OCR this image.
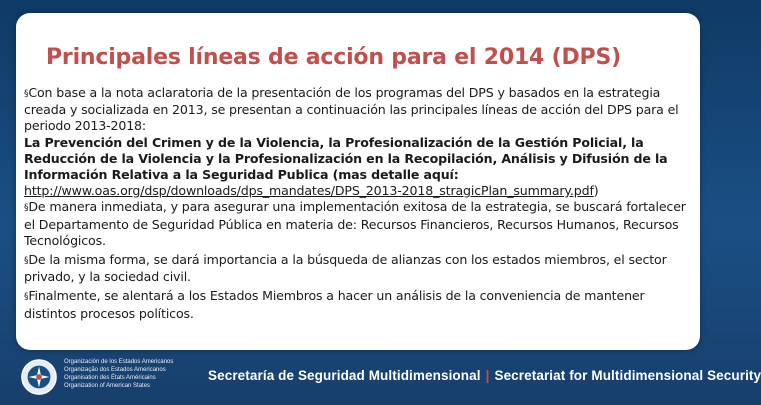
Principales líneas de acción para el 2014 (DPS)

§Con base a la nota aclaratoria de la presentación de los programas del DPS y basados en la estrategia creada y socializada en 2013, se presentan a continuación las principales líneas de acción del DPS para el periodo 2013-2018:
La Prevención del Crimen y de la Violencia, la Profesionalización de la Gestión Policial, la Reducción de la Violencia y la Profesionalización en la Recopilación, Análisis y Difusión de la Información Relativa a la Seguridad Publica (mas detalle aquí: http://www.oas.org/dsp/downloads/dps_mandates/DPS_2013-2018_stragicPlan_summary.pdf)

§De manera inmediata, y para asegurar una implementación exitosa de la estrategia, se buscará fortalecer el Departamento de Seguridad Pública en materia de: Recursos Financieros, Recursos Humanos, Recursos Tecnológicos.

§De la misma forma, se dará importancia a la búsqueda de alianzas con los estados miembros, el sector privado, y la sociedad civil.

§Finalmente, se alentará a los Estados Miembros a hacer un análisis de la conveniencia de mantener distintos procesos políticos.

Organización de los Estados Americanos
Organização dos Estados Americanos
Organisation des États Américains
Organization of American States
Secretaría de Seguridad Multidimensional | Secretariat for Multidimensional Security
